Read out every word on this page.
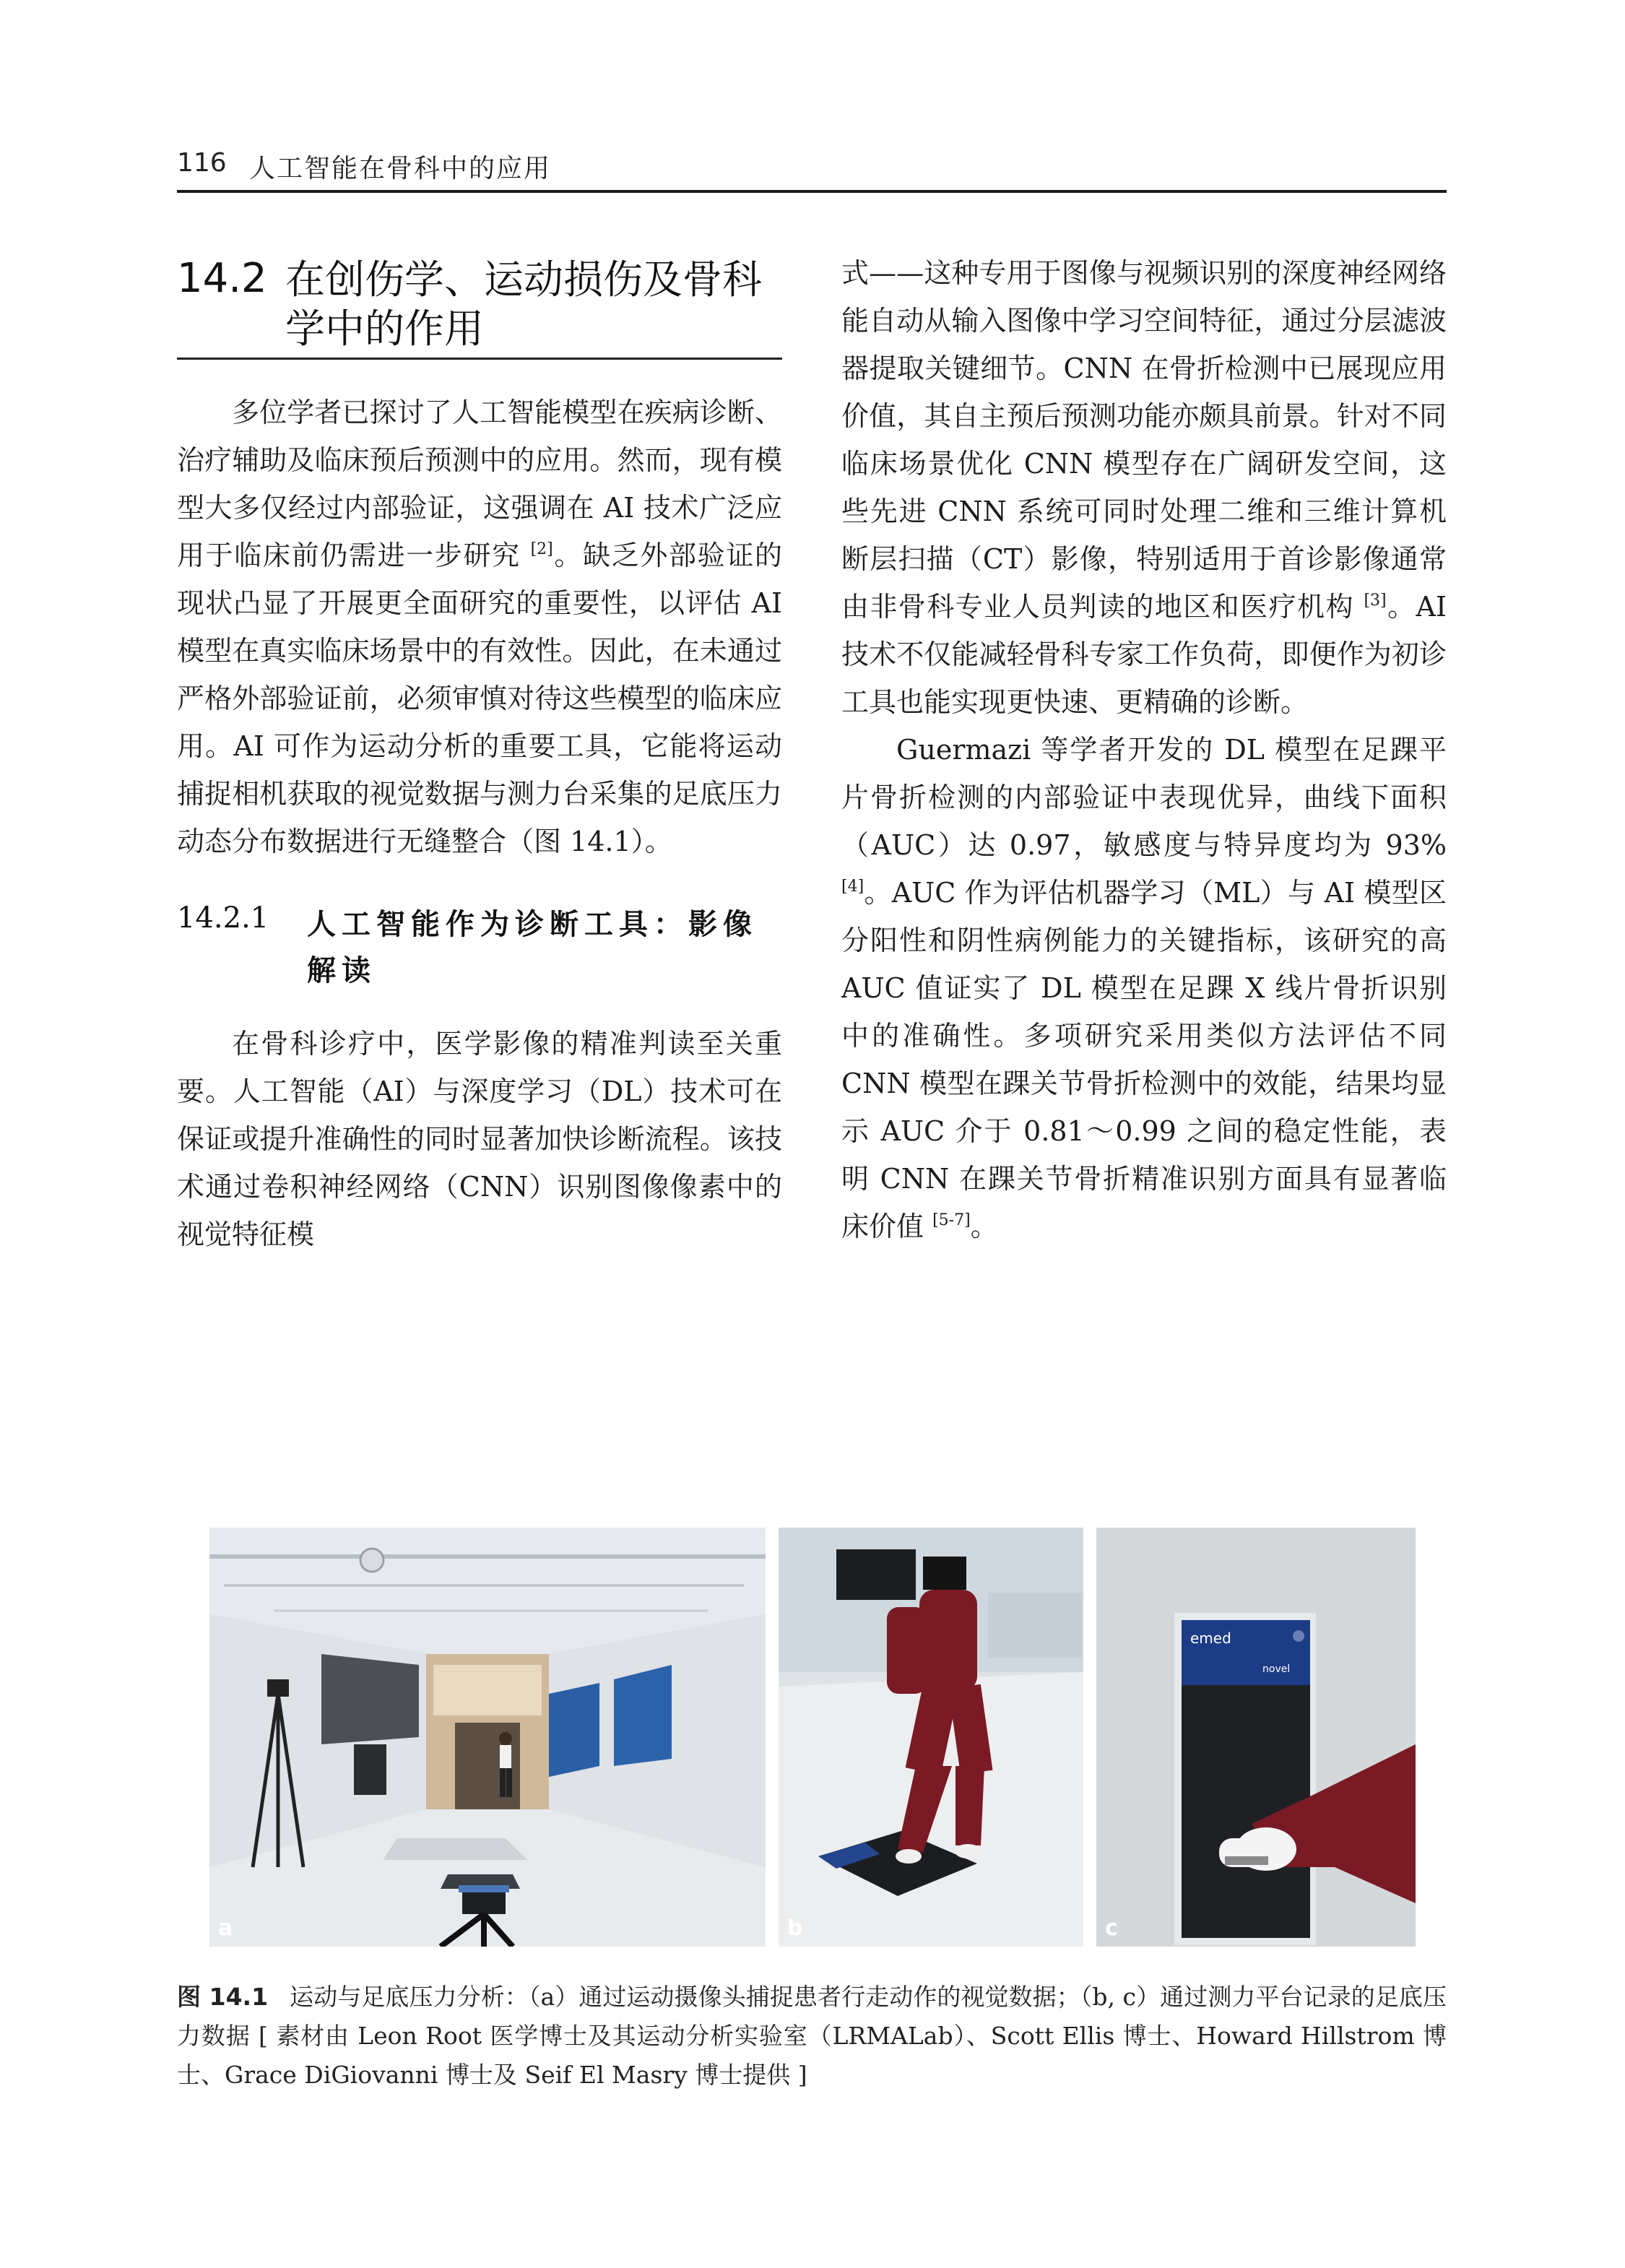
116 人工智能在骨科中的应用
14.2 在创伤学、运动损伤及骨科学中的作用

多位学者已探讨了人工智能模型在疾病诊断、治疗辅助及临床预后预测中的应用。然而，现有模型大多仅经过内部验证，这强调在 AI 技术广泛应用于临床前仍需进一步研究 [2]。缺乏外部验证的现状凸显了开展更全面研究的重要性，以评估 AI 模型在真实临床场景中的有效性。因此，在未通过严格外部验证前，必须审慎对待这些模型的临床应用。AI 可作为运动分析的重要工具，它能将运动捕捉相机获取的视觉数据与测力台采集的足底压力动态分布数据进行无缝整合（图 14.1）。

14.2.1 人工智能作为诊断工具：影像解读

在骨科诊疗中，医学影像的精准判读至关重要。人工智能（AI）与深度学习（DL）技术可在保证或提升准确性的同时显著加快诊断流程。该技术通过卷积神经网络（CNN）识别图像像素中的视觉特征模

式——这种专用于图像与视频识别的深度神经网络能自动从输入图像中学习空间特征，通过分层滤波器提取关键细节。CNN 在骨折检测中已展现应用价值，其自主预后预测功能亦颇具前景。针对不同临床场景优化 CNN 模型存在广阔研发空间，这些先进 CNN 系统可同时处理二维和三维计算机断层扫描（CT）影像，特别适用于首诊影像通常由非骨科专业人员判读的地区和医疗机构 [3]。AI 技术不仅能减轻骨科专家工作负荷，即便作为初诊工具也能实现更快速、更精确的诊断。

Guermazi 等学者开发的 DL 模型在足踝平片骨折检测的内部验证中表现优异，曲线下面积（AUC）达 0.97，敏感度与特异度均为 93%[4]。AUC 作为评估机器学习（ML）与 AI 模型区分阳性和阴性病例能力的关键指标，该研究的高 AUC 值证实了 DL 模型在足踝 X 线片骨折识别中的准确性。多项研究采用类似方法评估不同 CNN 模型在踝关节骨折检测中的效能，结果均显示 AUC 介于 0.81～0.99 之间的稳定性能，表明 CNN 在踝关节骨折精准识别方面具有显著临床价值 [5-7]。

a	b
emed
novel
c
图 14.1 运动与足底压力分析：（a）通过运动摄像头捕捉患者行走动作的视觉数据；（b, c）通过测力平台记录的足底压力数据 [ 素材由 Leon Root 医学博士及其运动分析实验室（LRMALab）、Scott Ellis 博士、Howard Hillstrom 博士、Grace DiGiovanni 博士及 Seif El Masry 博士提供 ]
